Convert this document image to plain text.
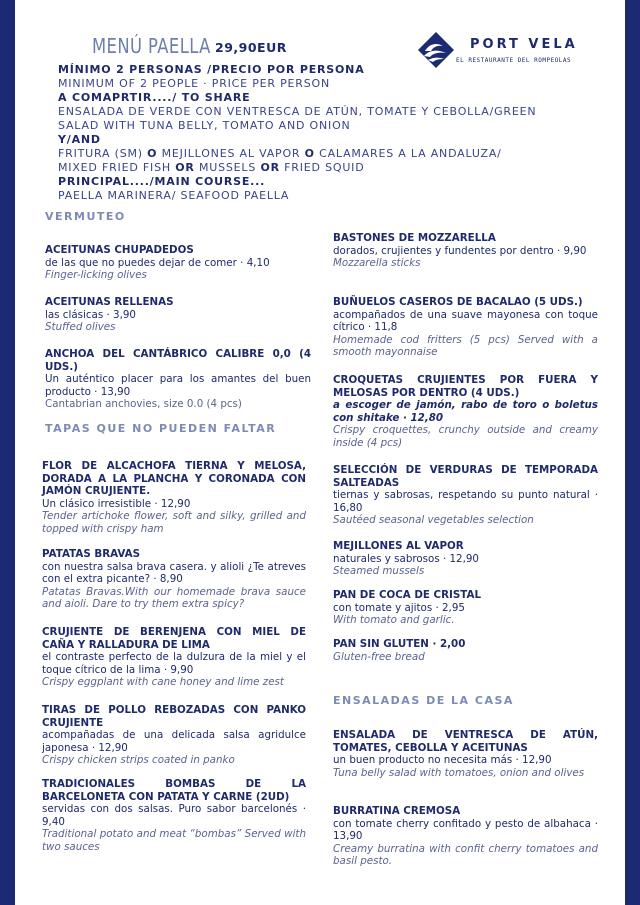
MENÚ PAELLA 29,90EUR	PORT VELA
EL RESTAURANTE DEL ROMPEOLAS
MÍNIMO 2 PERSONAS /PRECIO POR PERSONA
MINIMUM OF 2 PEOPLE · PRICE PER PERSON
A COMAPRTIR..../ TO SHARE
ENSALADA DE VERDE CON VENTRESCA DE ATÚN, TOMATE Y CEBOLLA/GREEN SALAD WITH TUNA BELLY, TOMATO AND ONION
Y/AND
FRITURA (SM) O MEJILLONES AL VAPOR O CALAMARES A LA ANDALUZA/
MIXED FRIED FISH OR MUSSELS OR FRIED SQUID
PRINCIPAL..../MAIN COURSE...
PAELLA MARINERA/ SEAFOOD PAELLA
VERMUTEO
TAPAS QUE NO PUEDEN FALTAR
ENSALADAS DE LA CASA
ACEITUNAS CHUPADEDOS
de las que no puedes dejar de comer · 4,10
Finger-licking olives
ACEITUNAS RELLENAS
las clásicas · 3,90
Stuffed olives
ANCHOA DEL CANTÁBRICO CALIBRE 0,0 (4 UDS.)
Un auténtico placer para los amantes del buen producto · 13,90
Cantabrian anchovies, size 0.0 (4 pcs)
FLOR DE ALCACHOFA TIERNA Y MELOSA, DORADA A LA PLANCHA Y CORONADA CON JAMÓN CRUJIENTE.
Un clásico irresistible · 12,90
Tender artichoke flower, soft and silky, grilled and topped with crispy ham
PATATAS BRAVAS
con nuestra salsa brava casera. y alioli ¿Te atreves con el extra picante? · 8,90
Patatas Bravas.With our homemade brava sauce and aioli. Dare to try them extra spicy?
CRUJIENTE DE BERENJENA CON MIEL DE CAÑA Y RALLADURA DE LIMA
el contraste perfecto de la dulzura de la miel y el toque cítrico de la lima · 9,90
Crispy eggplant with cane honey and lime zest
TIRAS DE POLLO REBOZADAS CON PANKO CRUJIENTE
acompañadas de una delicada salsa agridulce japonesa · 12,90
Crispy chicken strips coated in panko
TRADICIONALES BOMBAS DE LA BARCELONETA CON PATATA Y CARNE (2UD)
servidas con dos salsas. Puro sabor barcelonés · 9,40
Traditional potato and meat “bombas” Served with two sauces
BASTONES DE MOZZARELLA
dorados, crujientes y fundentes por dentro · 9,90
Mozzarella sticks
BUÑUELOS CASEROS DE BACALAO (5 UDS.)
acompañados de una suave mayonesa con toque cítrico · 11,8
Homemade cod fritters (5 pcs) Served with a smooth mayonnaise
CROQUETAS CRUJIENTES POR FUERA Y MELOSAS POR DENTRO (4 UDS.)
a escoger de jamón, rabo de toro o boletus con shitake · 12,80
Crispy croquettes, crunchy outside and creamy inside (4 pcs)
SELECCIÓN DE VERDURAS DE TEMPORADA SALTEADAS
tiernas y sabrosas, respetando su punto natural · 16,80
Sautéed seasonal vegetables selection
MEJILLONES AL VAPOR
naturales y sabrosos · 12,90
Steamed mussels
PAN DE COCA DE CRISTAL
con tomate y ajitos · 2,95
With tomato and garlic.
PAN SIN GLUTEN · 2,00
Gluten-free bread
ENSALADA DE VENTRESCA DE ATÚN, TOMATES, CEBOLLA Y ACEITUNAS
un buen producto no necesita más · 12,90
Tuna belly salad with tomatoes, onion and olives
BURRATINA CREMOSA
con tomate cherry confitado y pesto de albahaca · 13,90
Creamy burratina with confit cherry tomatoes and basil pesto.
